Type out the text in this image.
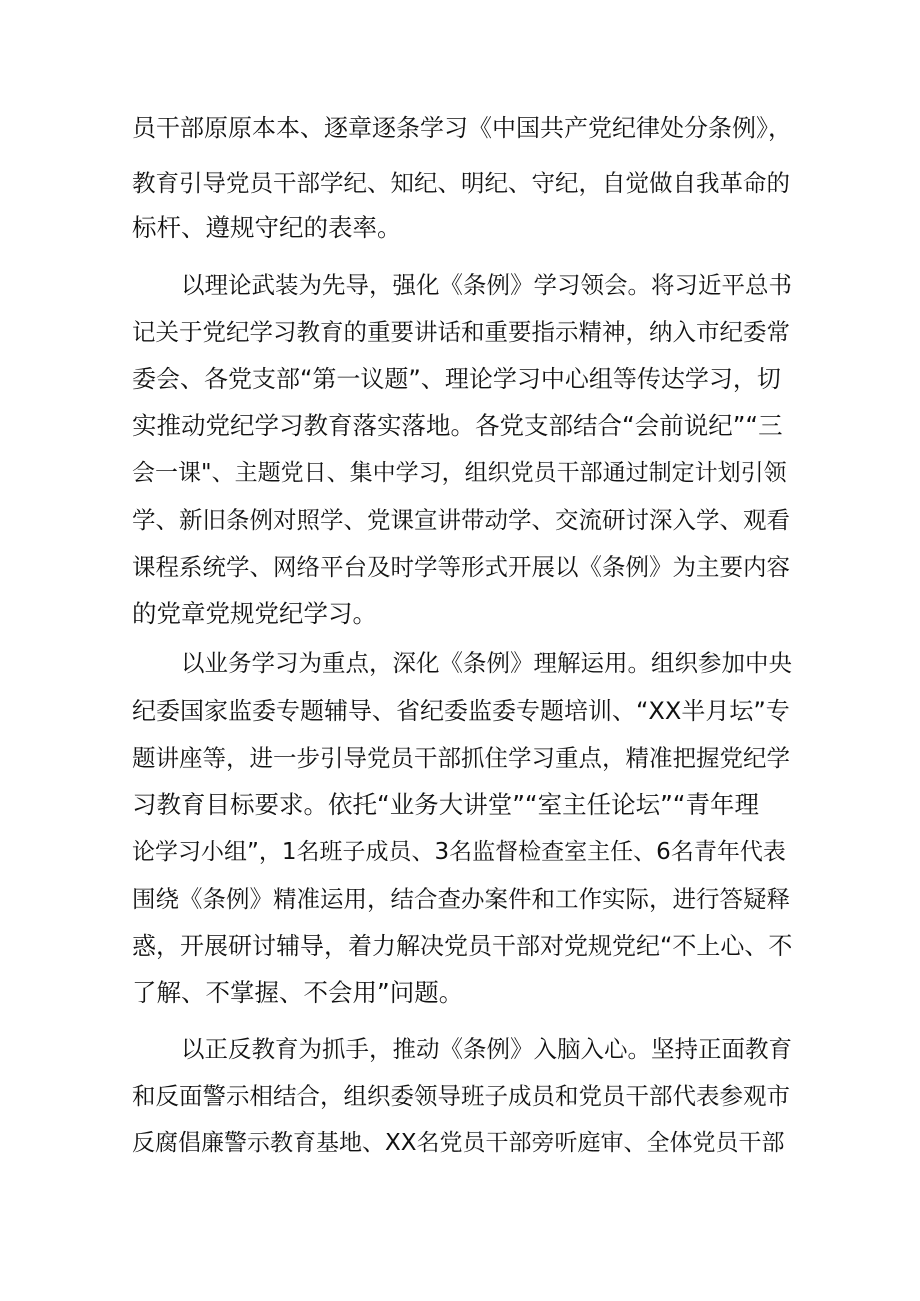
员干部原原本本、逐章逐条学习《中国共产党纪律处分条例》，
教育引导党员干部学纪、知纪、明纪、守纪，自觉做自我革命的
标杆、遵规守纪的表率。
以理论武装为先导，强化《条例》学习领会。将习近平总书
记关于党纪学习教育的重要讲话和重要指示精神，纳入市纪委常
委会、各党支部“第一议题”、理论学习中心组等传达学习，切
实推动党纪学习教育落实落地。各党支部结合“会前说纪”“三
会一课"、主题党日、集中学习，组织党员干部通过制定计划引领
学、新旧条例对照学、党课宣讲带动学、交流研讨深入学、观看
课程系统学、网络平台及时学等形式开展以《条例》为主要内容
的党章党规党纪学习。
以业务学习为重点，深化《条例》理解运用。组织参加中央
纪委国家监委专题辅导、省纪委监委专题培训、“XX半月坛”专
题讲座等，进一步引导党员干部抓住学习重点，精准把握党纪学
习教育目标要求。依托“业务大讲堂”“室主任论坛”“青年理
论学习小组”，1名班子成员、3名监督检查室主任、6名青年代表
围绕《条例》精准运用，结合查办案件和工作实际，进行答疑释
惑，开展研讨辅导，着力解决党员干部对党规党纪“不上心、不
了解、不掌握、不会用”问题。
以正反教育为抓手，推动《条例》入脑入心。坚持正面教育
和反面警示相结合，组织委领导班子成员和党员干部代表参观市
反腐倡廉警示教育基地、XX名党员干部旁听庭审、全体党员干部
